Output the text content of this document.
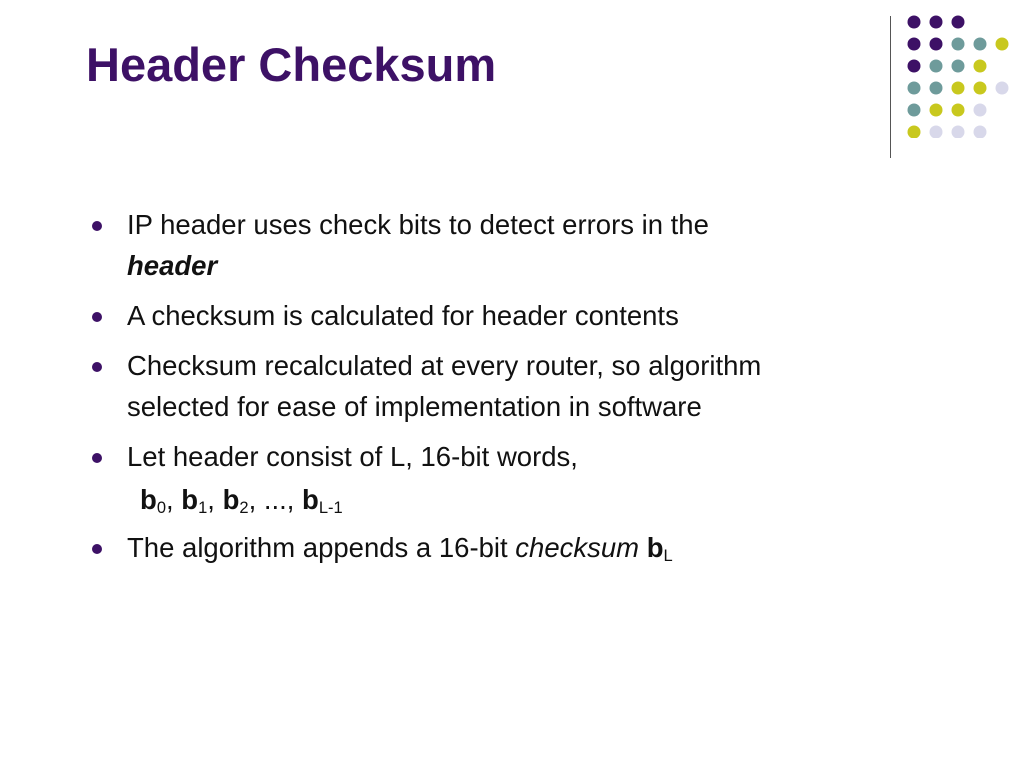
Header Checksum
IP header uses check bits to detect errors in the
header
A checksum is calculated for header contents
Checksum recalculated at every router, so algorithm
selected for ease of implementation in software
Let header consist of L, 16-bit words,
$b_0$, $b_1$, $b_2$, ..., $b_{L-1}$
The algorithm appends a 16-bit checksum $b_L$
